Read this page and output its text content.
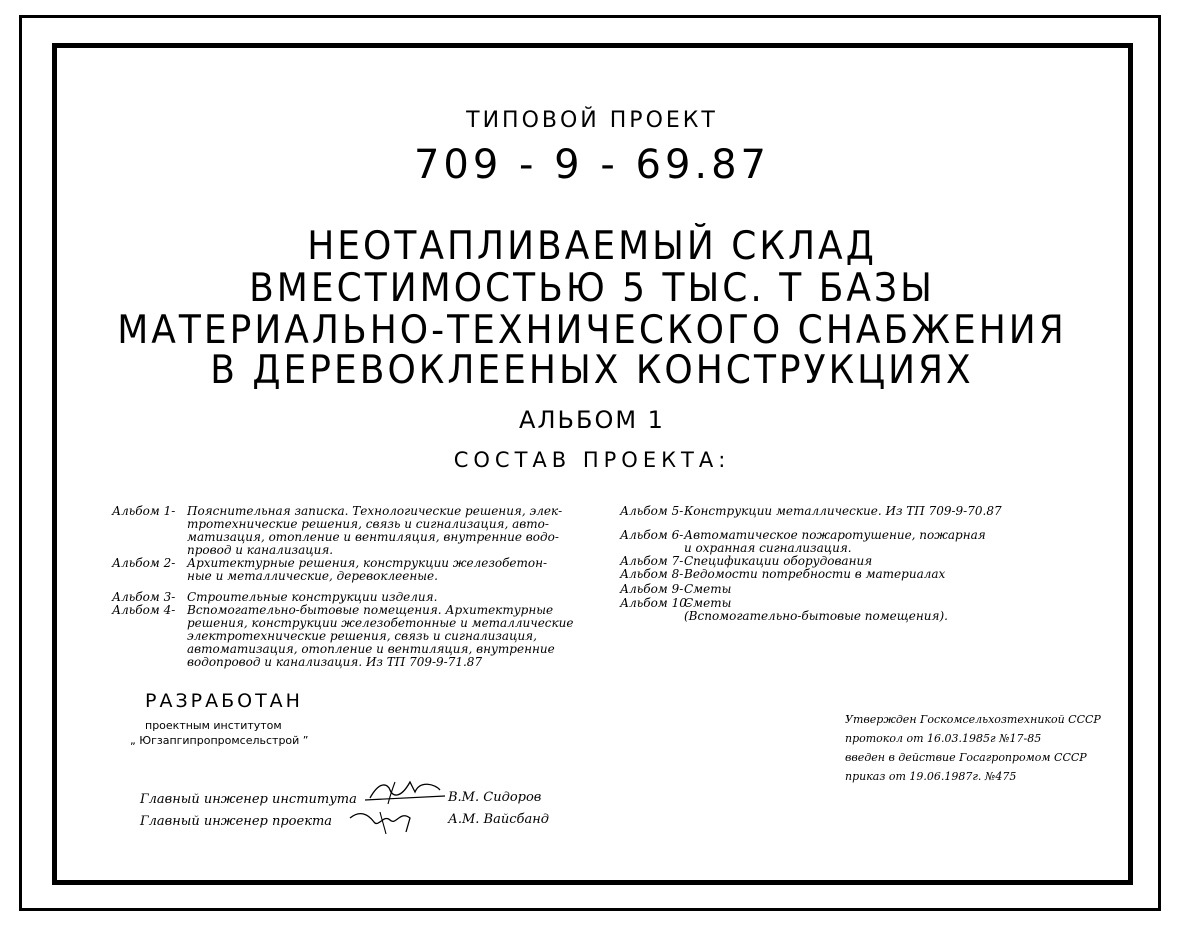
ТИПОВОЙ ПРОЕКТ
709 - 9 - 69.87
НЕОТАПЛИВАЕМЫЙ СКЛАД
ВМЕСТИМОСТЬЮ 5 ТЫС. Т БАЗЫ
МАТЕРИАЛЬНО-ТЕХНИЧЕСКОГО СНАБЖЕНИЯ
В ДЕРЕВОКЛЕЕНЫХ КОНСТРУКЦИЯХ
АЛЬБОМ 1
СОСТАВ ПРОЕКТА:
Альбом 1- Пояснительная записка. Технологические решения, элек-
тротехнические решения, связь и сигнализация, авто-
матизация, отопление и вентиляция, внутренние водо-
провод и канализация.
Альбом 2- Архитектурные решения, конструкции железобетон-
ные и металлические, деревоклееные.
Альбом 3- Строительные конструкции изделия.
Альбом 4- Вспомогательно-бытовые помещения. Архитектурные
решения, конструкции железобетонные и металлические
электротехнические решения, связь и сигнализация,
автоматизация, отопление и вентиляция, внутренние
водопровод и канализация. Из ТП 709-9-71.87
Альбом 5- Конструкции металлические. Из ТП 709-9-70.87
Альбом 6- Автоматическое пожаротушение, пожарная
и охранная сигнализация.
Альбом 7- Спецификации оборудования
Альбом 8- Ведомости потребности в материалах
Альбом 9- Сметы
Альбом 10-
Сметы
(Вспомогательно-бытовые помещения).
РАЗРАБОТАН
проектным институтом
„ Югзапгипропромсельстрой ”
Главный инженер института	В.М. Сидоров
Главный инженер проекта	А.М. Вайсбанд
Утвержден Госкомсельхозтехникой СССР
протокол от 16.03.1985г №17-85
введен в действие Госагропромом СССР
приказ от 19.06.1987г. №475
